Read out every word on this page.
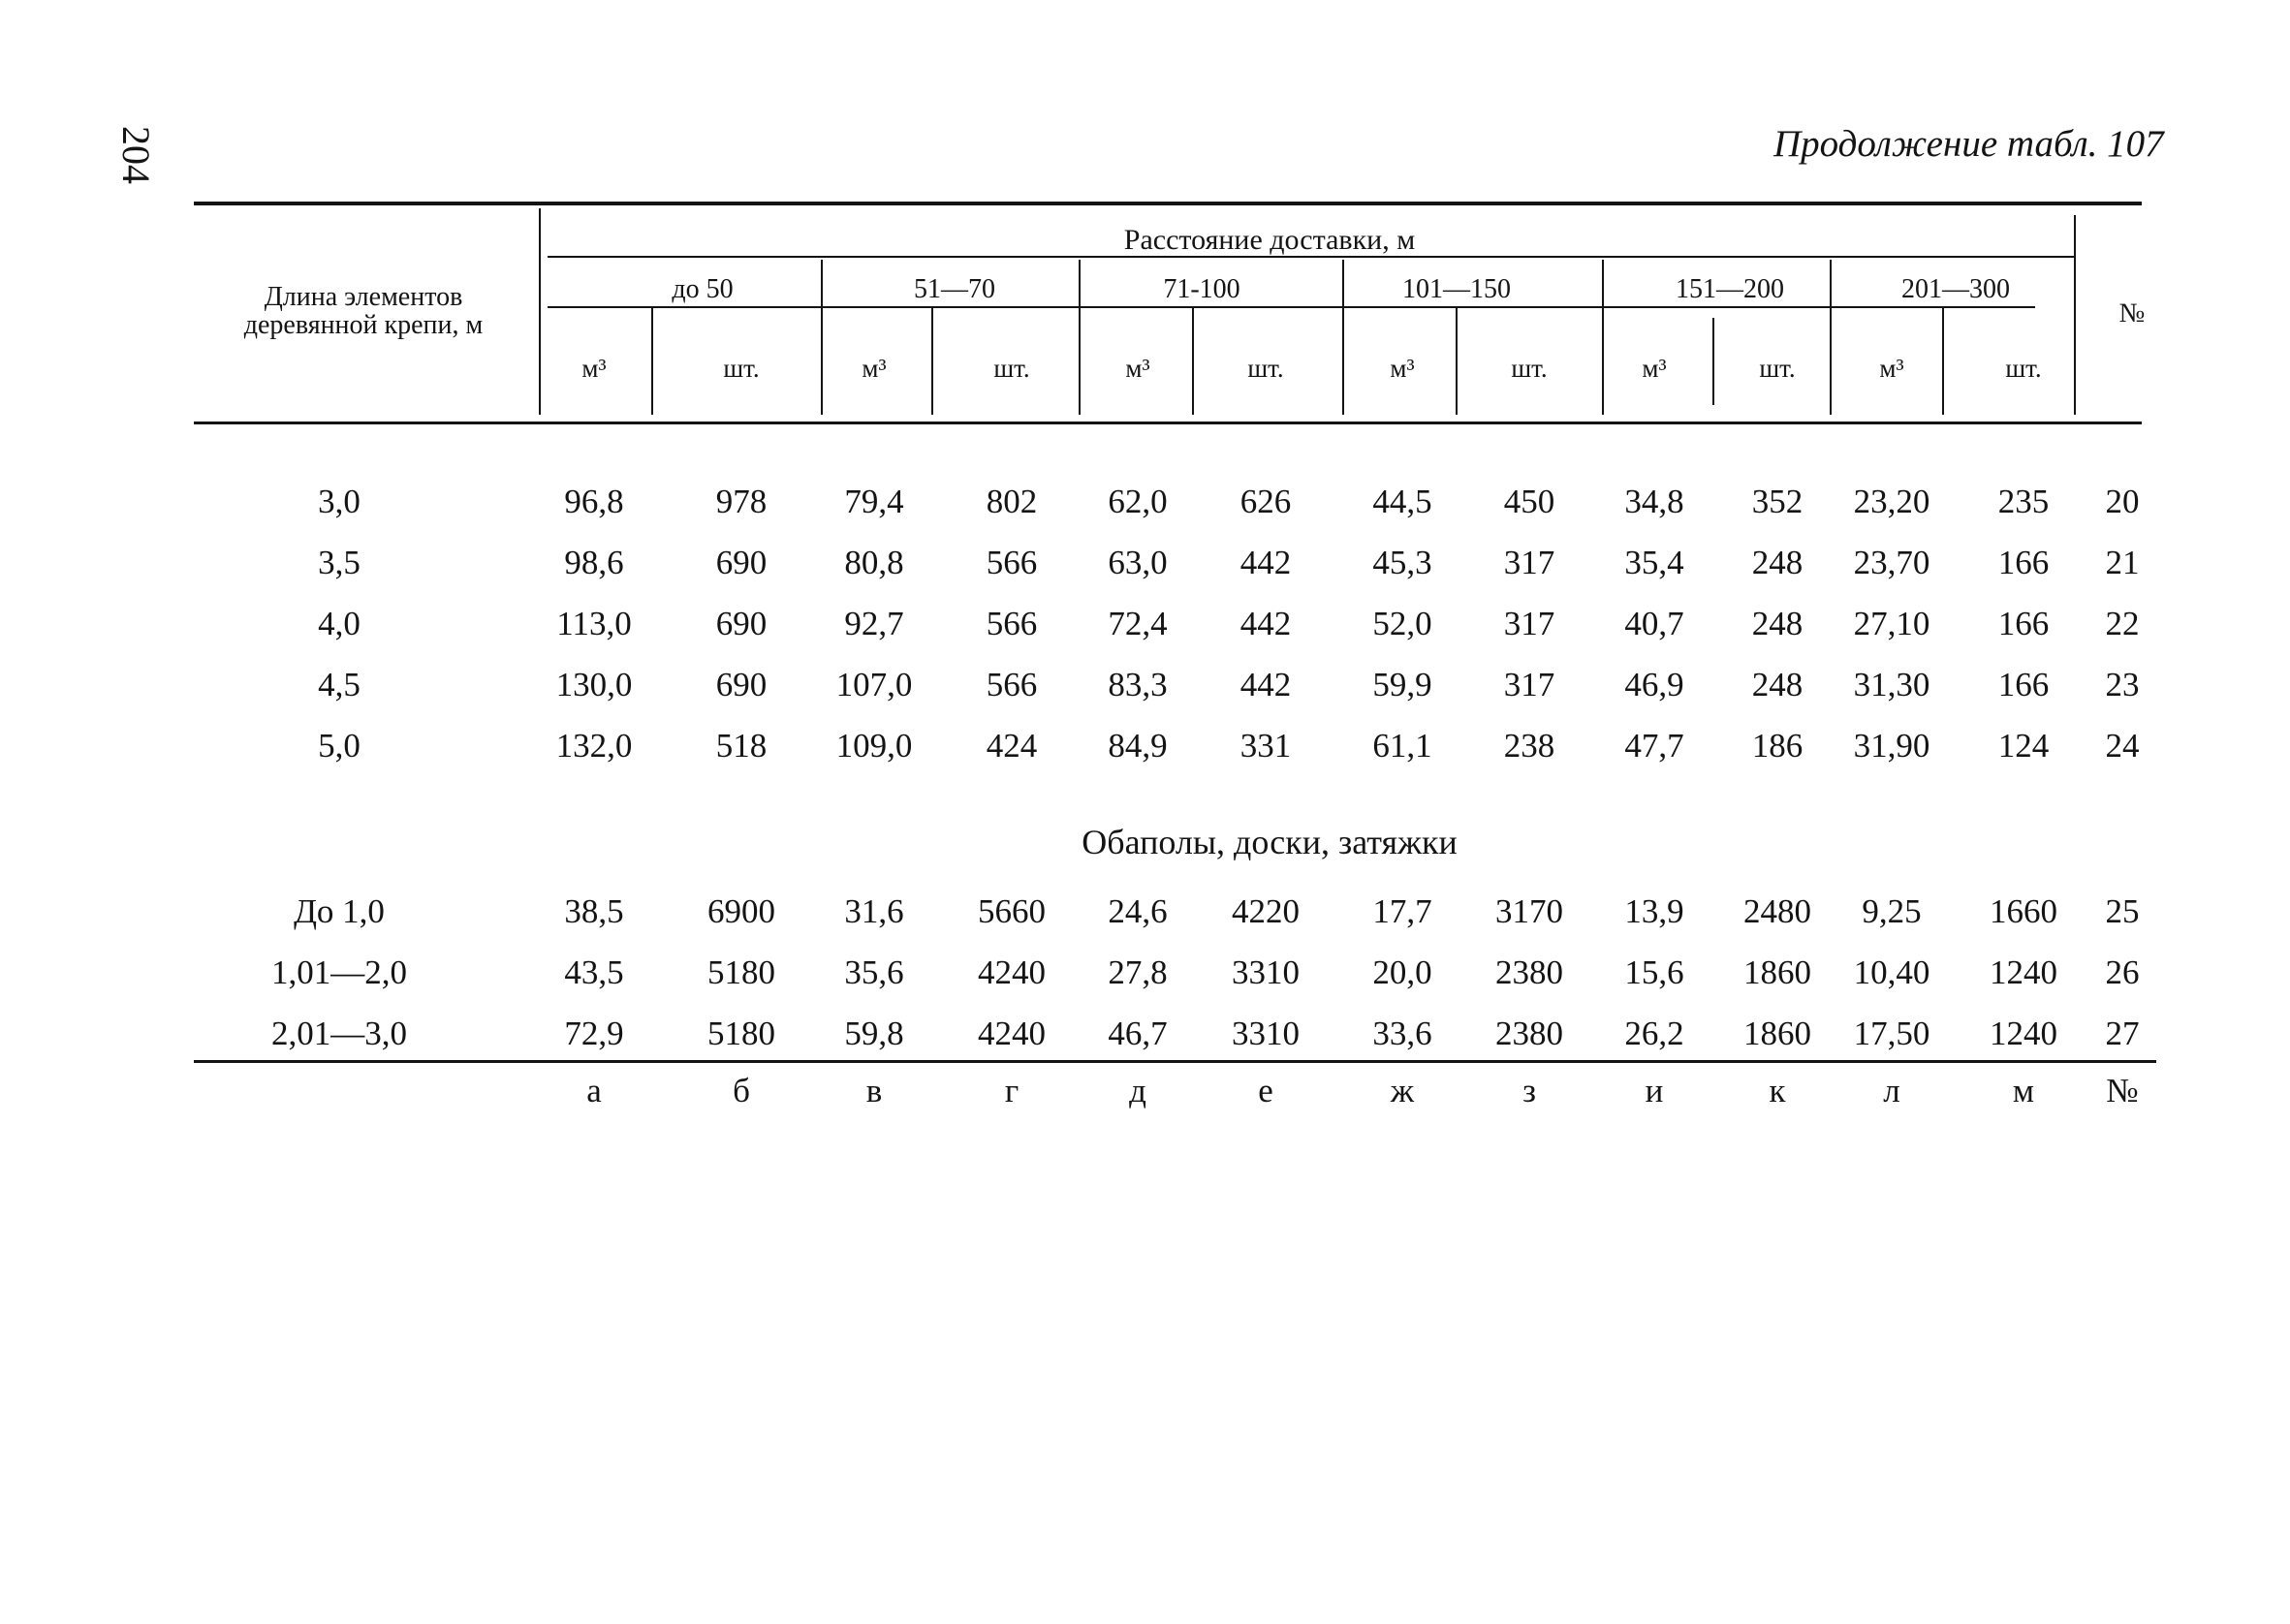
204	Продолжение табл. 107
Длина элементов
деревянной крепи, м
Расстояние доставки, м
№
до 50	51—70	71-100	101—150	151—200	201—300
м³	шт.	м³	шт.	м³	шт.	м³	шт.	м³	шт.	м³	шт.
3,0	96,8	978	79,4	802	62,0	626	44,5	450	34,8	352	23,20	235	20
3,5	98,6	690	80,8	566	63,0	442	45,3	317	35,4	248	23,70	166	21
4,0	113,0	690	92,7	566	72,4	442	52,0	317	40,7	248	27,10	166	22
4,5	130,0	690	107,0	566	83,3	442	59,9	317	46,9	248	31,30	166	23
5,0	132,0	518	109,0	424	84,9	331	61,1	238	47,7	186	31,90	124	24
Обаполы, доски, затяжки
До 1,0	38,5	6900	31,6	5660	24,6	4220	17,7	3170	13,9	2480	9,25	1660	25
1,01—2,0	43,5	5180	35,6	4240	27,8	3310	20,0	2380	15,6	1860	10,40	1240	26
2,01—3,0	72,9	5180	59,8	4240	46,7	3310	33,6	2380	26,2	1860	17,50	1240	27
а	б	в	г	д	е	ж	з	и	к	л	м	№
